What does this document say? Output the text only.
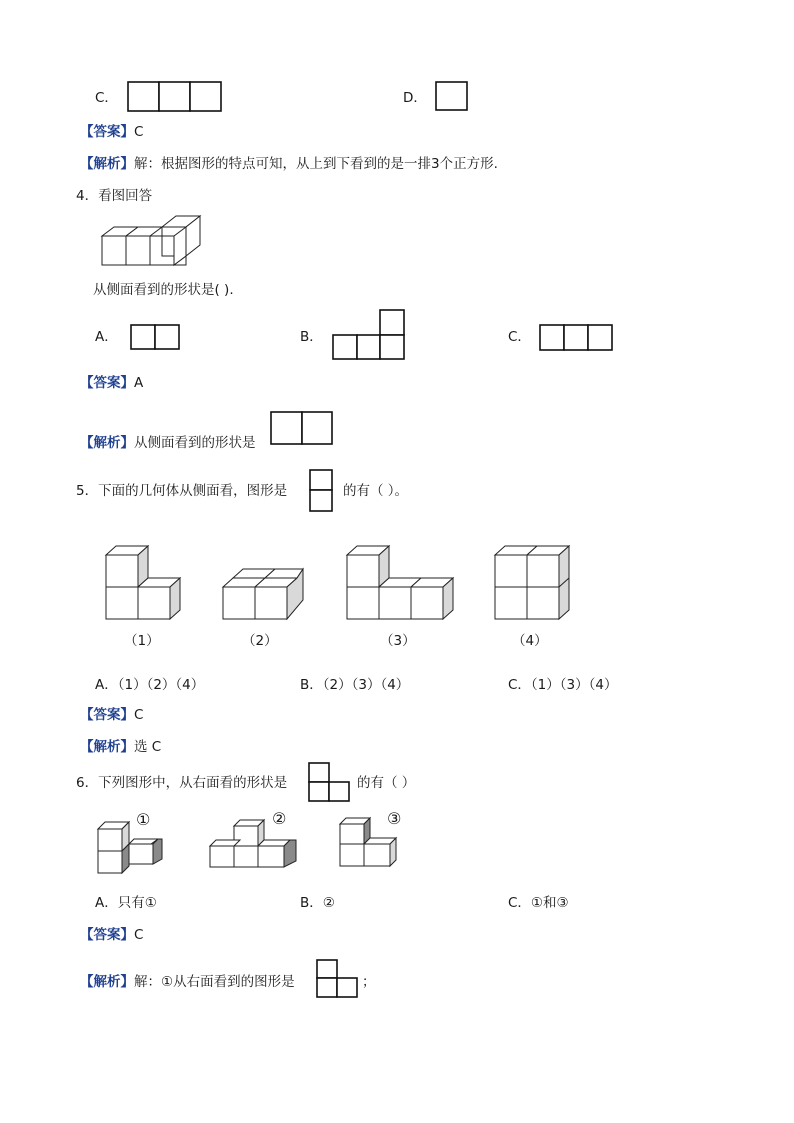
C．	D．
【答案】C
【解析】解：根据图形的特点可知，从上到下看到的是一排3个正方形.
4．看图回答
从侧面看到的形状是( ).
A．	B．	C．
【答案】A
【解析】从侧面看到的形状是
5．下面的几何体从侧面看，图形是	的有（ ）。
（1）	（2）	（3）	（4）
A．（1）（2）（4）	B．（2）（3）（4）	C．（1）（3）（4）
【答案】C
【解析】选 C
6．下列图形中，从右面看的形状是	的有（ ）
①	②	③
A．只有①	B．②	C．①和③
【答案】C
【解析】解：①从右面看到的图形是	；
